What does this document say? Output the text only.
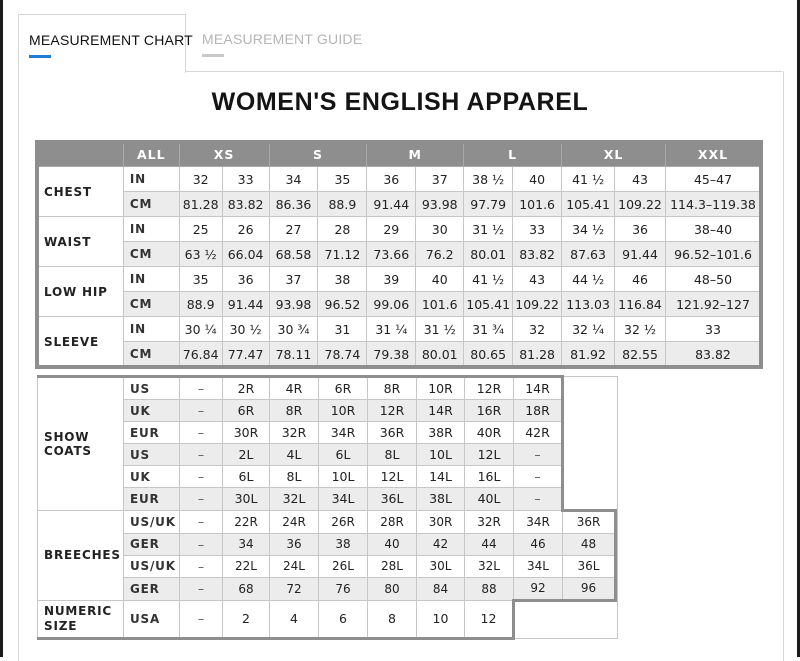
MEASUREMENT CHART MEASUREMENT GUIDE
WOMEN'S ENGLISH APPAREL
	ALL	XS		S		M		L		XL		XXL
CHEST	IN	32	33	34	35	36	37	38 ½	40	41 ½	43	45–47
	CM	81.28	83.82	86.36	88.9	91.44	93.98	97.79	101.6	105.41	109.22	114.3–119.38
WAIST	IN	25	26	27	28	29	30	31 ½	33	34 ½	36	38–40
	CM	63 ½	66.04	68.58	71.12	73.66	76.2	80.01	83.82	87.63	91.44	96.52–101.6
LOW HIP	IN	35	36	37	38	39	40	41 ½	43	44 ½	46	48–50
	CM	88.9	91.44	93.98	96.52	99.06	101.6	105.41	109.22	113.03	116.84	121.92–127
SLEEVE	IN	30 ¼	30 ½	30 ¾	31	31 ¼	31 ½	31 ¾	32	32 ¼	32 ½	33
	CM	76.84	77.47	78.11	78.74	79.38	80.01	80.65	81.28	81.92	82.55	83.82
SHOW
COATS	US	–	2R	4R	6R	8R	10R	12R	14R		
	UK	–	6R	8R	10R	12R	14R	16R	18R		
	EUR	–	30R	32R	34R	36R	38R	40R	42R		
	US	–	2L	4L	6L	8L	10L	12L	–		
	UK	–	6L	8L	10L	12L	14L	16L	–		
	EUR	–	30L	32L	34L	36L	38L	40L	–		
BREECHES	US/UK	–	22R	24R	26R	28R	30R	32R	34R	36R	
	GER	–	34	36	38	40	42	44	46	48	
	US/UK	–	22L	24L	26L	28L	30L	32L	34L	36L	
	GER	–	68	72	76	80	84	88	92	96	

NUMERIC
SIZE	USA	–	2	4	6	8	10	12			
